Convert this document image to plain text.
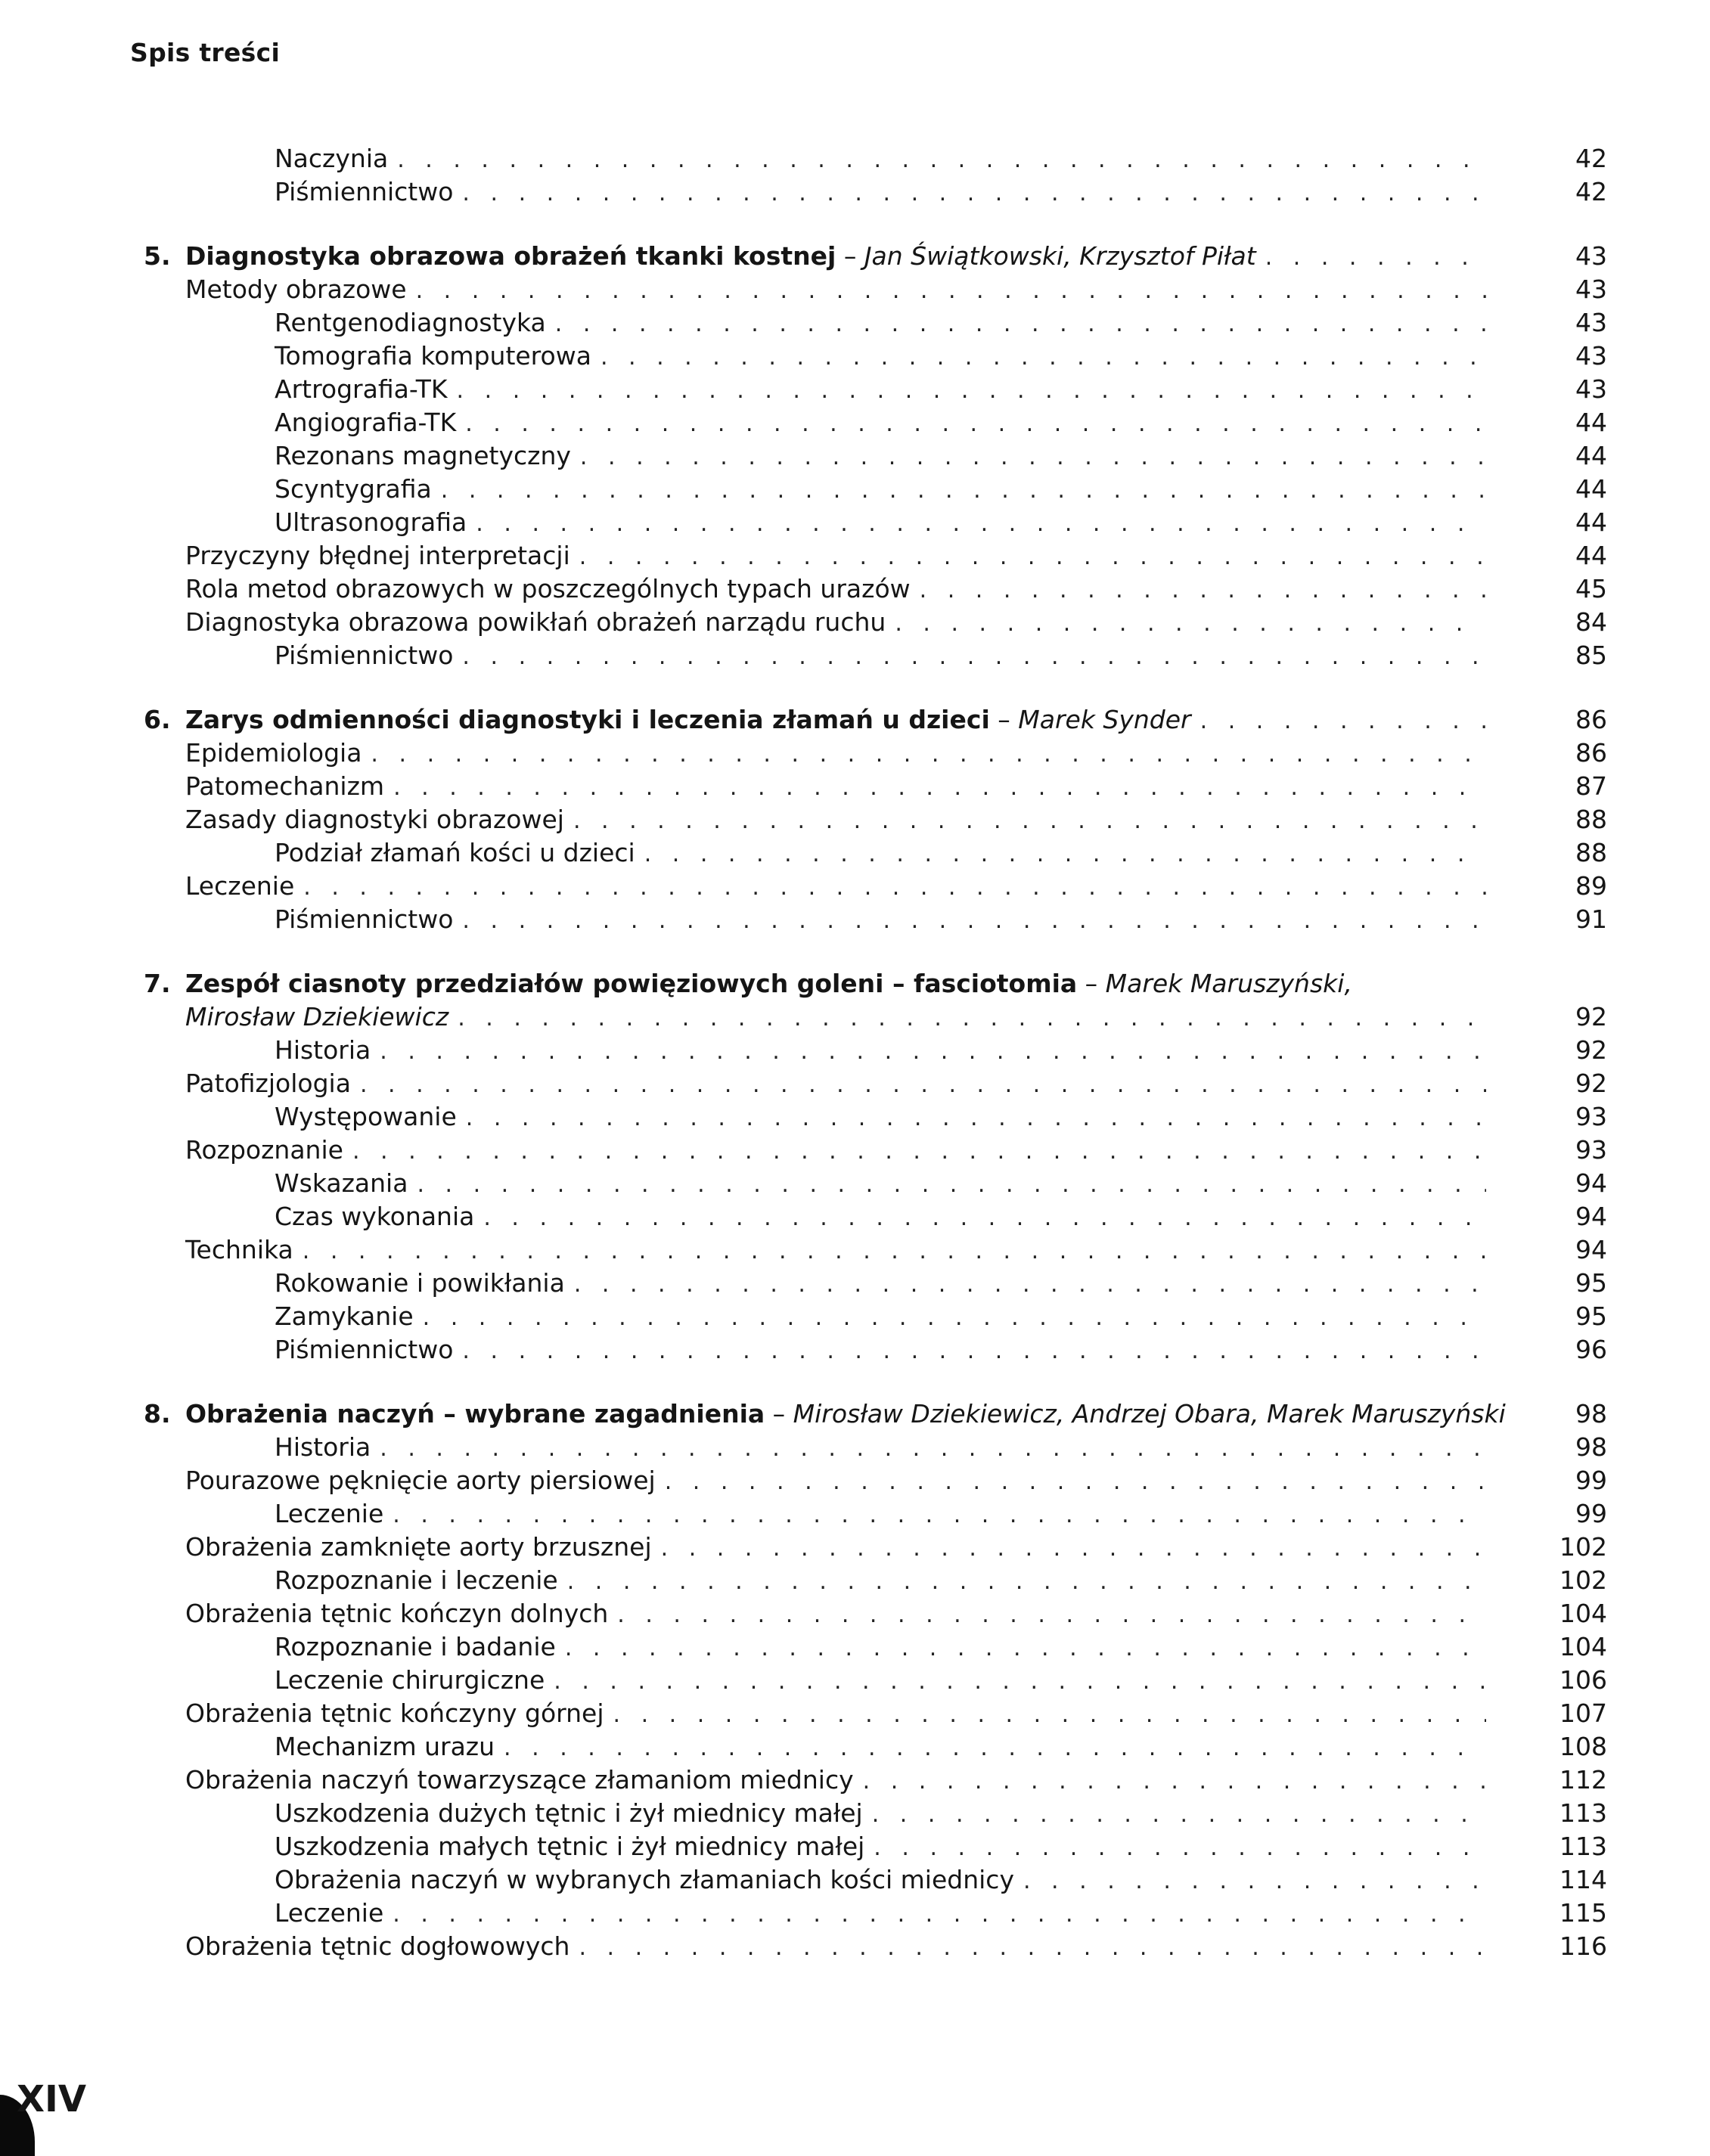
Spis treści
Naczynia . . .	42
Piśmiennictwo . . .	42
5. Diagnostyka obrazowa obrażeń tkanki kostnej – Jan Świątkowski, Krzysztof Piłat . . .	43
Metody obrazowe . . .	43
Rentgenodiagnostyka . . .	43
Tomografia komputerowa . . .	43
Artrografia-TK . . .	43
Angiografia-TK . . .	44
Rezonans magnetyczny . . .	44
Scyntygrafia . . .	44
Ultrasonografia . . .	44
Przyczyny błędnej interpretacji . . .	44
Rola metod obrazowych w poszczególnych typach urazów . . .	45
Diagnostyka obrazowa powikłań obrażeń narządu ruchu . . .	84
Piśmiennictwo . . .	85
6. Zarys odmienności diagnostyki i leczenia złamań u dzieci – Marek Synder . . .	86
Epidemiologia . . .	86
Patomechanizm . . .	87
Zasady diagnostyki obrazowej . . .	88
Podział złamań kości u dzieci . . .	88
Leczenie . . .	89
Piśmiennictwo . . .	91
7. Zespół ciasnoty przedziałów powięziowych goleni – fasciotomia – Marek Maruszyński,
Mirosław Dziekiewicz . . .	92
Historia . . .	92
Patofizjologia . . .	92
Występowanie . . .	93
Rozpoznanie . . .	93
Wskazania . . .	94
Czas wykonania . . .	94
Technika . . .	94
Rokowanie i powikłania . . .	95
Zamykanie . . .	95
Piśmiennictwo . . .	96
8. Obrażenia naczyń – wybrane zagadnienia – Mirosław Dziekiewicz, Andrzej Obara, Marek Maruszyński	98
Historia . . .	98
Pourazowe pęknięcie aorty piersiowej . . .	99
Leczenie . . .	99
Obrażenia zamknięte aorty brzusznej . . .	102
Rozpoznanie i leczenie . . .	102
Obrażenia tętnic kończyn dolnych . . .	104
Rozpoznanie i badanie . . .	104
Leczenie chirurgiczne . . .	106
Obrażenia tętnic kończyny górnej . . .	107
Mechanizm urazu . . .	108
Obrażenia naczyń towarzyszące złamaniom miednicy . . .	112
Uszkodzenia dużych tętnic i żył miednicy małej . . .	113
Uszkodzenia małych tętnic i żył miednicy małej . . .	113
Obrażenia naczyń w wybranych złamaniach kości miednicy . . .	114
Leczenie . . .	115
Obrażenia tętnic dogłowowych . . .	116
XIV
